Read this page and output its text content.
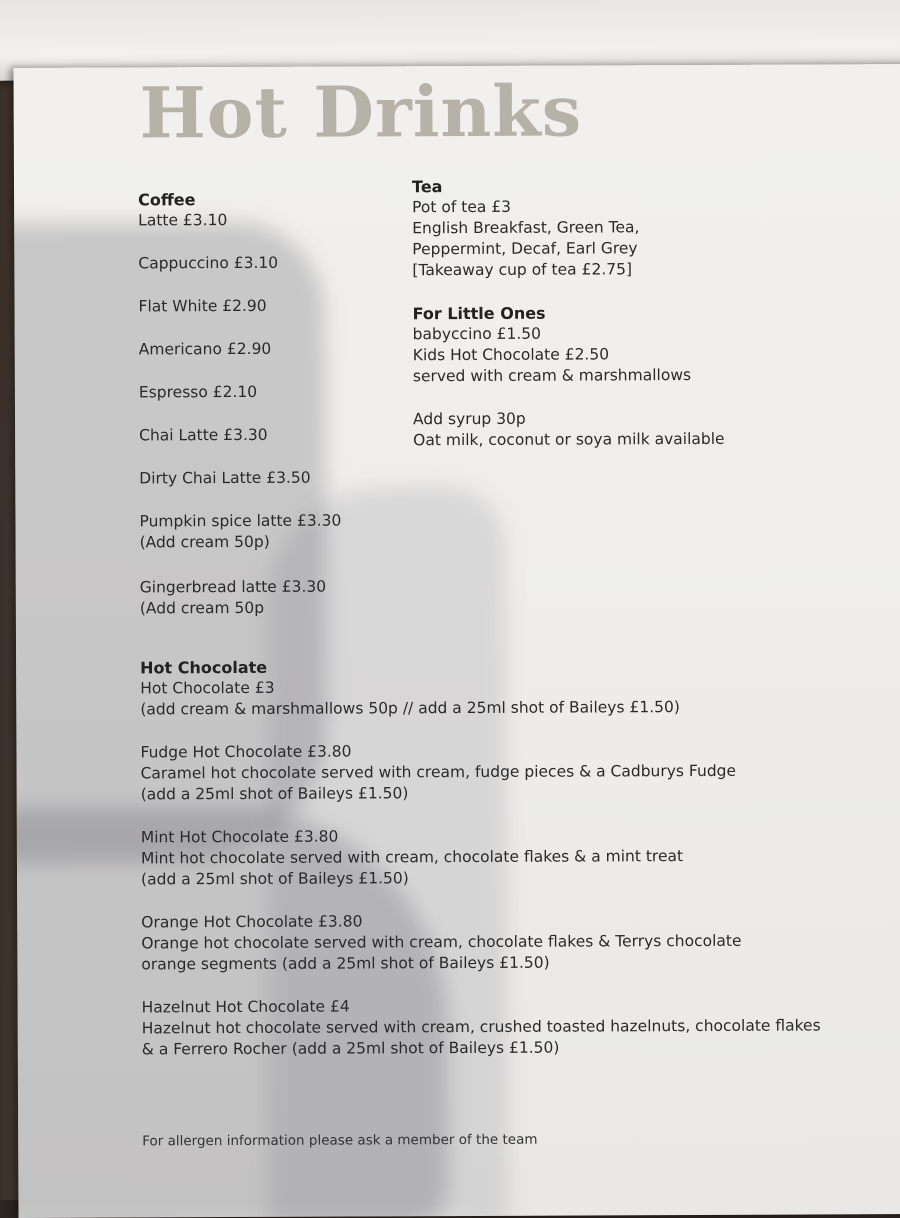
Hot Drinks
Coffee
Latte £3.10
Cappuccino £3.10
Flat White £2.90
Americano £2.90
Espresso £2.10
Chai Latte £3.30
Dirty Chai Latte £3.50
Pumpkin spice latte £3.30
(Add cream 50p)
Gingerbread latte £3.30
(Add cream 50p
Tea
Pot of tea £3
English Breakfast, Green Tea,
Peppermint, Decaf, Earl Grey
[Takeaway cup of tea £2.75]
For Little Ones
babyccino £1.50
Kids Hot Chocolate £2.50
served with cream & marshmallows
Add syrup 30p
Oat milk, coconut or soya milk available
Hot Chocolate
Hot Chocolate £3
(add cream & marshmallows 50p // add a 25ml shot of Baileys £1.50)
Fudge Hot Chocolate £3.80
Caramel hot chocolate served with cream, fudge pieces & a Cadburys Fudge
(add a 25ml shot of Baileys £1.50)
Mint Hot Chocolate £3.80
Mint hot chocolate served with cream, chocolate flakes & a mint treat
(add a 25ml shot of Baileys £1.50)
Orange Hot Chocolate £3.80
Orange hot chocolate served with cream, chocolate flakes & Terrys chocolate
orange segments (add a 25ml shot of Baileys £1.50)
Hazelnut Hot Chocolate £4
Hazelnut hot chocolate served with cream, crushed toasted hazelnuts, chocolate flakes
& a Ferrero Rocher (add a 25ml shot of Baileys £1.50)
For allergen information please ask a member of the team
